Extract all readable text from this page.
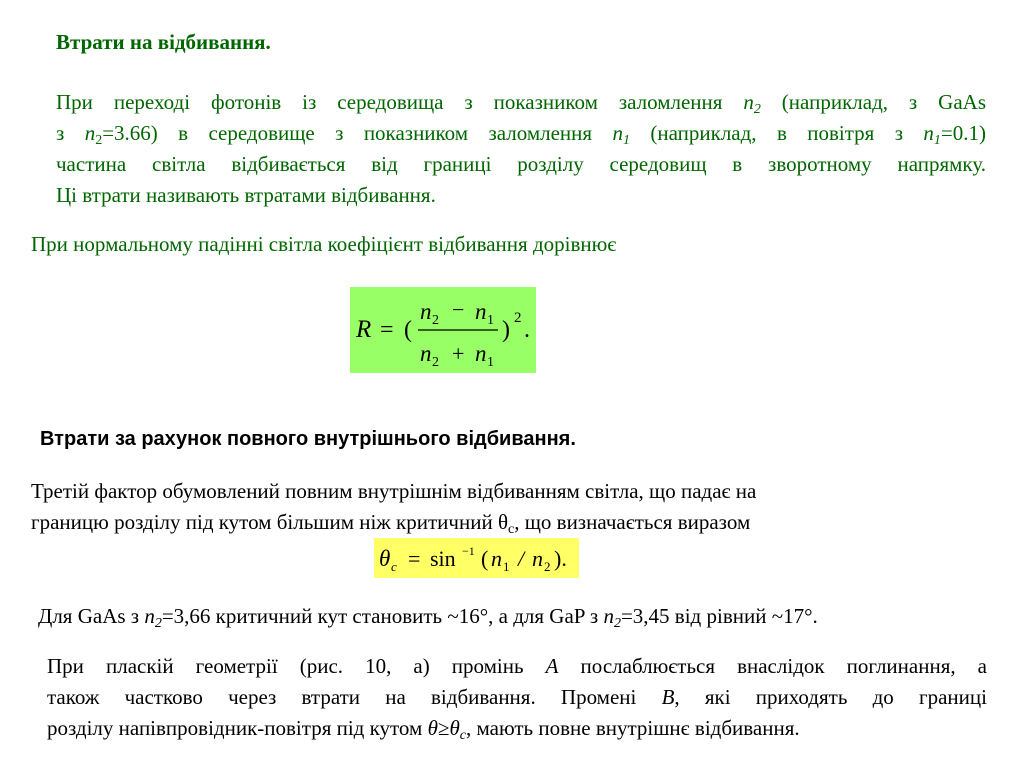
Втрати на відбивання.
При переході фотонів із середовища з показником заломлення $n_2$ (наприклад, з GaAs
з $n_2=3.66$) в середовище з показником заломлення $n_1$ (наприклад, в повітря з $n_1=0.1$)
частина світла відбивається від границі розділу середовищ в зворотному напрямку.
Ці втрати називають втратами відбивання.
При нормальному падінні світла коефіцієнт відбивання дорівнює
R = (
n 2 − n 1
n 2 + n 1
) 2 .
Втрати за рахунок повного внутрішнього відбивання.
Третій фактор обумовлений повним внутрішнім відбиванням світла, що падає на
границю розділу під кутом більшим ніж критичний $\theta_c$, що визначається виразом
θ c = sin −1 ( n 1 / n 2 ).
Для GaAs з $n_2=3,66$ критичний кут становить ~16°, а для GaP з $n_2=3,45$ від рівний ~17°.
При пласкій геометрії (рис. 10, а) промінь A послаблюється внаслідок поглинання, а
також частково через втрати на відбивання. Промені B, які приходять до границі
розділу напівпровідник-повітря під кутом $\theta\ge\theta_c$, мають повне внутрішнє відбивання.
